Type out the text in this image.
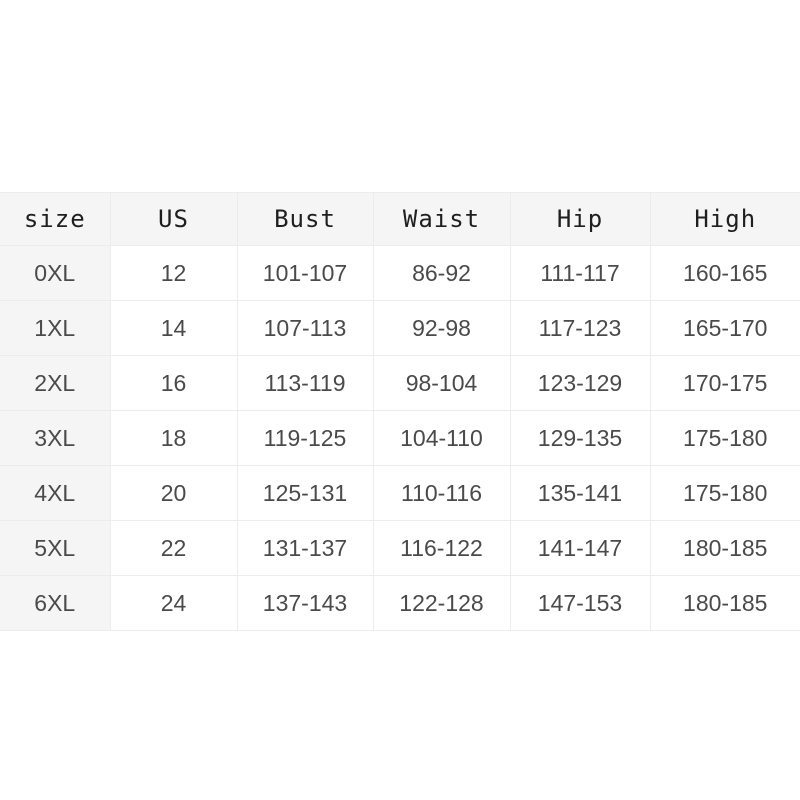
size	US	Bust	Waist	Hip	High
0XL	12	101-107	86-92	111-117	160-165
1XL	14	107-113	92-98	117-123	165-170
2XL	16	113-119	98-104	123-129	170-175
3XL	18	119-125	104-110	129-135	175-180
4XL	20	125-131	110-116	135-141	175-180
5XL	22	131-137	116-122	141-147	180-185
6XL	24	137-143	122-128	147-153	180-185
